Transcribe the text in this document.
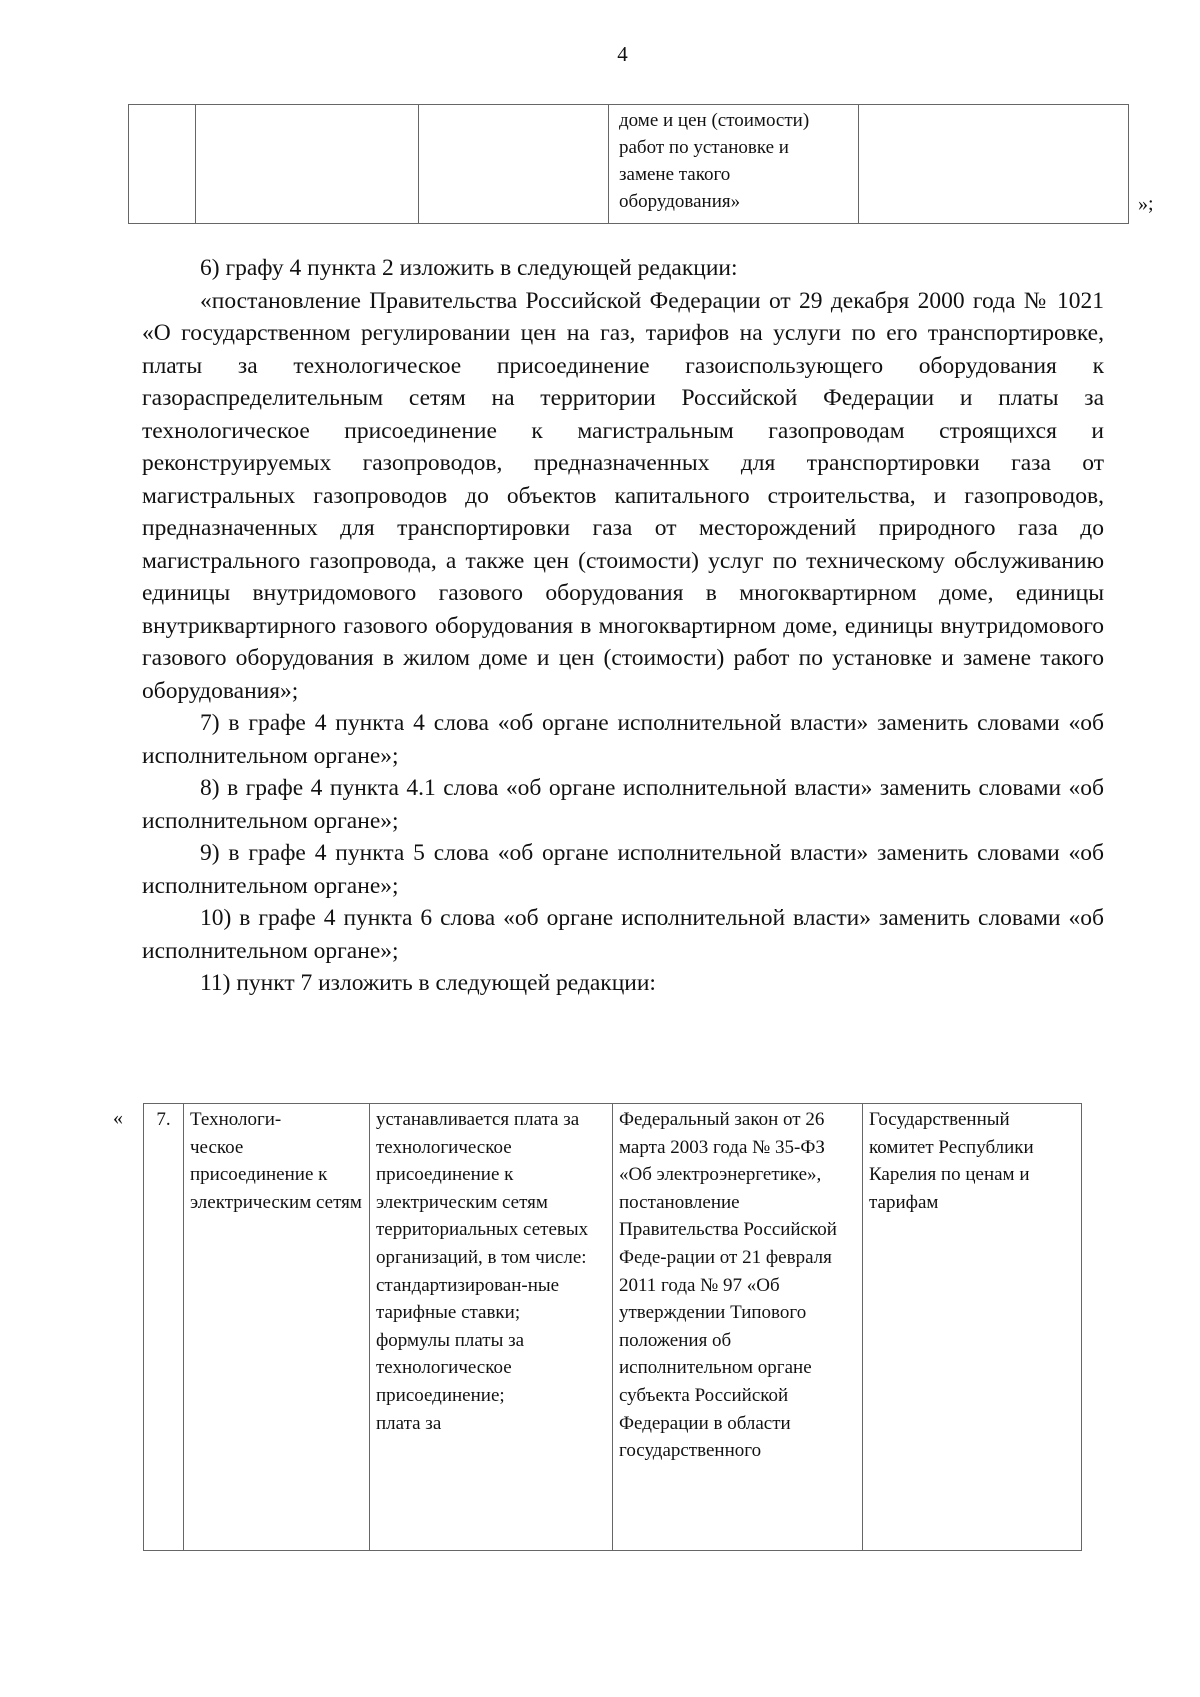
4
			доме и цен (стоимости) работ по установке и замене такого оборудования»		»;

6) графу 4 пункта 2 изложить в следующей редакции:

«постановление Правительства Российской Федерации от 29 декабря 2000 года № 1021 «О государственном регулировании цен на газ, тарифов на услуги по его транспортировке, платы за технологическое присоединение газоиспользующего оборудования к газораспределительным сетям на территории Российской Федерации и платы за технологическое присоединение к магистральным газопроводам строящихся и реконструируемых газопроводов, предназначенных для транспортировки газа от магистральных газопроводов до объектов капитального строительства, и газопроводов, предназначенных для транспортировки газа от месторождений природного газа до магистрального газопровода, а также цен (стоимости) услуг по техническому обслуживанию единицы внутридомового газового оборудования в многоквартирном доме, единицы внутриквартирного газового оборудования в многоквартирном доме, единицы внутридомового газового оборудования в жилом доме и цен (стоимости) работ по установке и замене такого оборудования»;

7) в графе 4 пункта 4 слова «об органе исполнительной власти» заменить словами «об исполнительном органе»;

8) в графе 4 пункта 4.1 слова «об органе исполнительной власти» заменить словами «об исполнительном органе»;

9) в графе 4 пункта 5 слова «об органе исполнительной власти» заменить словами «об исполнительном органе»;

10) в графе 4 пункта 6 слова «об органе исполнительной власти» заменить словами «об исполнительном органе»;

11) пункт 7 изложить в следующей редакции:

« 7.	Технологи-
ческое присоединение к электрическим сетям	устанавливается плата за технологическое присоединение к электрическим сетям территориальных сетевых организаций, в том числе:
стандартизирован-ные тарифные ставки;
формулы платы за технологическое присоединение;
плата за	Федеральный закон от 26 марта 2003 года № 35-ФЗ «Об электроэнергетике», постановление Правительства Российской Феде-рации от 21 февраля 2011 года № 97 «Об утверждении Типового положения об исполнительном органе субъекта Российской Федерации в области государственного	Государственный комитет Республики Карелия по ценам и тарифам
